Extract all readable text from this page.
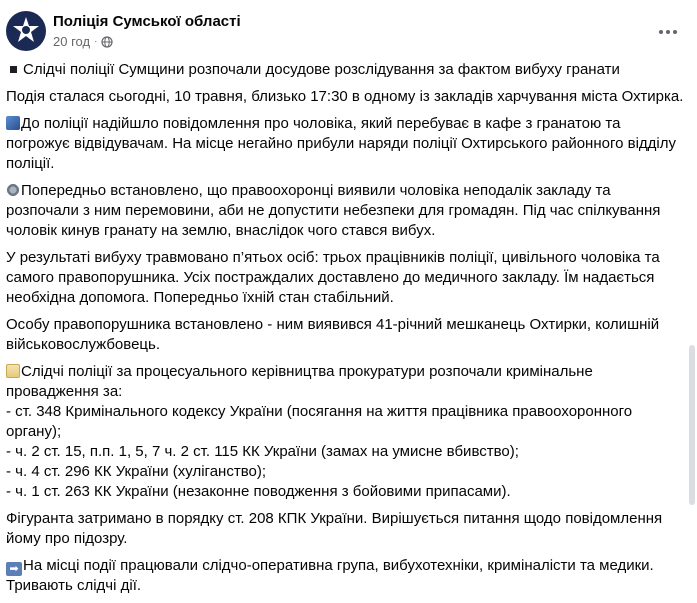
Поліція Сумської області
20 год ·

Слідчі поліції Сумщини розпочали досудове розслідування за фактом вибуху гранати

Подія сталася сьогодні, 10 травня, близько 17:30 в одному із закладів харчування міста Охтирка.

До поліції надійшло повідомлення про чоловіка, який перебуває в кафе з гранатою та
погрожує відвідувачам. На місце негайно прибули наряди поліції Охтирського районного відділу
поліції.

Попередньо встановлено, що правоохоронці виявили чоловіка неподалік закладу та
розпочали з ним перемовини, аби не допустити небезпеки для громадян. Під час спілкування
чоловік кинув гранату на землю, внаслідок чого стався вибух.

У результаті вибуху травмовано п’ятьох осіб: трьох працівників поліції, цивільного чоловіка та
самого правопорушника. Усіх постраждалих доставлено до медичного закладу. Їм надається
необхідна допомога. Попередньо їхній стан стабільний.

Особу правопорушника встановлено - ним виявився 41-річний мешканець Охтирки, колишній
військовослужбовець.

Слідчі поліції за процесуального керівництва прокуратури розпочали кримінальне
провадження за:
- ст. 348 Кримінального кодексу України (посягання на життя працівника правоохоронного
органу);
- ч. 2 ст. 15, п.п. 1, 5, 7 ч. 2 ст. 115 КК України (замах на умисне вбивство);
- ч. 4 ст. 296 КК України (хуліганство);
- ч. 1 ст. 263 КК України (незаконне поводження з бойовими припасами).

Фігуранта затримано в порядку ст. 208 КПК України. Вирішується питання щодо повідомлення
йому про підозру.

➡ На місці події працювали слідчо-оперативна група, вибухотехніки, криміналісти та медики.
Тривають слідчі дії.
